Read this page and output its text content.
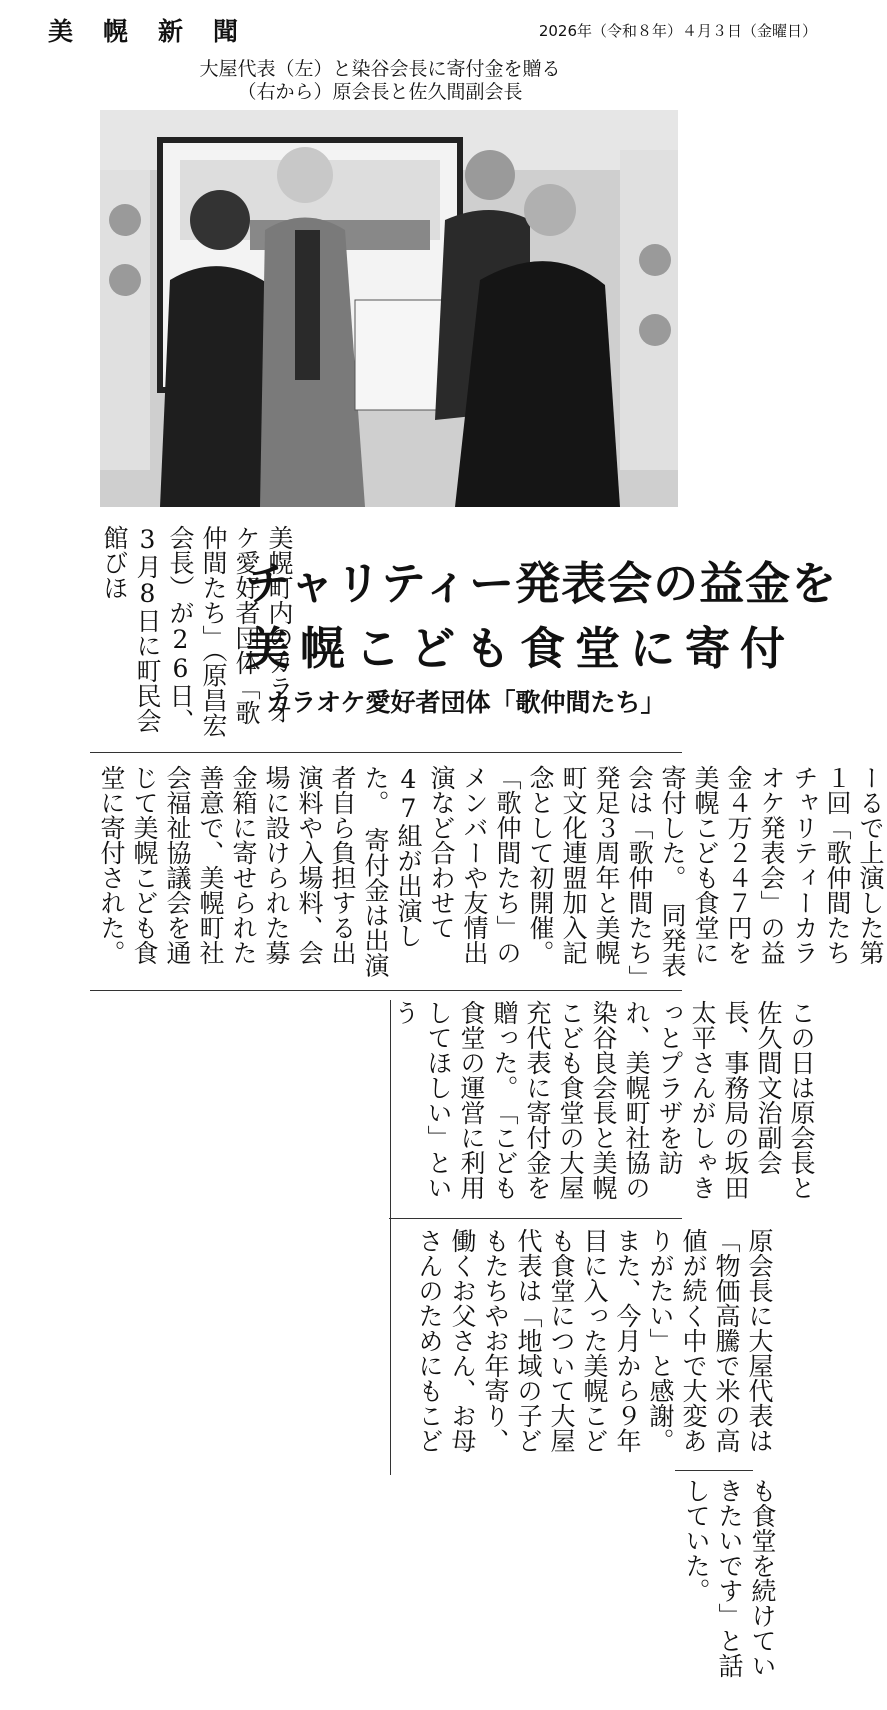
美幌新聞	2026年（令和８年）４月３日（金曜日）
大屋代表（左）と染谷会長に寄付金を贈る
（右から）原会長と佐久間副会長
チャリティー発表会の益金を
美幌こども食堂に寄付
カラオケ愛好者団体「歌仲間たち」
美幌町内のカラオケ愛好者団体「歌仲間たち」（原昌宏会長）が26日、3月8日に町民会館びほ
ーるで上演した第１回「歌仲間たちチャリティーカラオケ発表会」の益金４万２４７円を美幌こども食堂に寄付した。　同発表会は「歌仲間たち」発足３周年と美幌町文化連盟加入記念として初開催。「歌仲間たち」のメンバーや友情出演など合わせて47組が出演した。　寄付金は出演者自ら負担する出演料や入場料、会場に設けられた募金箱に寄せられた善意で、美幌町社会福祉協議会を通じて美幌こども食堂に寄付された。
この日は原会長と佐久間文治副会長、事務局の坂田太平さんがしゃきっとプラザを訪れ、美幌町社協の染谷良会長と美幌こども食堂の大屋充代表に寄付金を贈った。　「こども食堂の運営に利用してほしい」という
原会長に大屋代表は「物価高騰で米の高値が続く中で大変ありがたい」と感謝。また、今月から９年目に入った美幌こども食堂について大屋代表は「地域の子どもたちやお年寄り、働くお父さん、お母さんのためにもこど
も食堂を続けていきたいです」と話していた。
